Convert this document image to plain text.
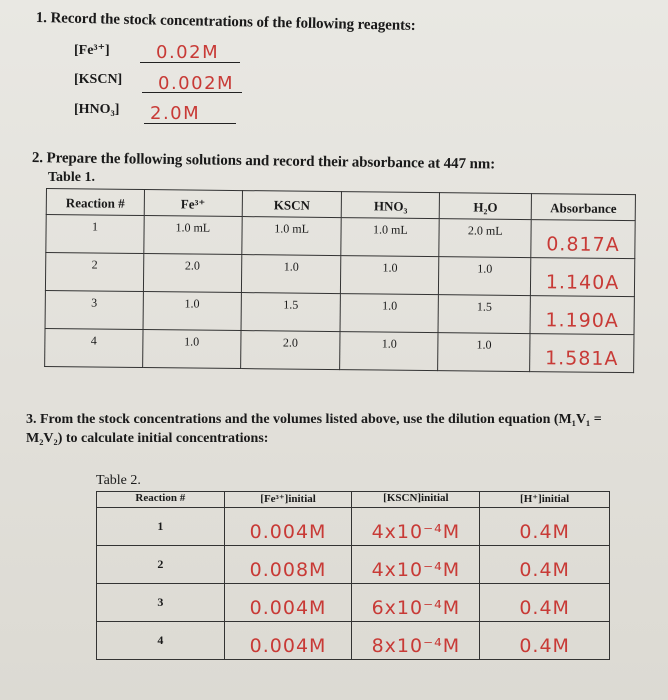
1. Record the stock concentrations of the following reagents:
[Fe³⁺]	0.02M
[KSCN] 0.002M
[HNO₃] 2.0M
2. Prepare the following solutions and record their absorbance at 447 nm:
Table 1.
Reaction #	Fe³⁺	KSCN	HNO₃	H₂O	Absorbance
1	1.0 mL	1.0 mL	1.0 mL	2.0 mL	0.817A
2	2.0	1.0	1.0	1.0	1.140A
3	1.0	1.5	1.0	1.5	1.190A
4	1.0	2.0	1.0	1.0	1.581A
3. From the stock concentrations and the volumes listed above, use the dilution equation (M₁V₁ = M₂V₂) to calculate initial concentrations:
Table 2.
Reaction #	[Fe³⁺]initial	[KSCN]initial	[H⁺]initial
1	0.004M	4x10⁻⁴M	0.4M
2	0.008M	4x10⁻⁴M	0.4M
3	0.004M	6x10⁻⁴M	0.4M
4	0.004M	8x10⁻⁴M	0.4M
